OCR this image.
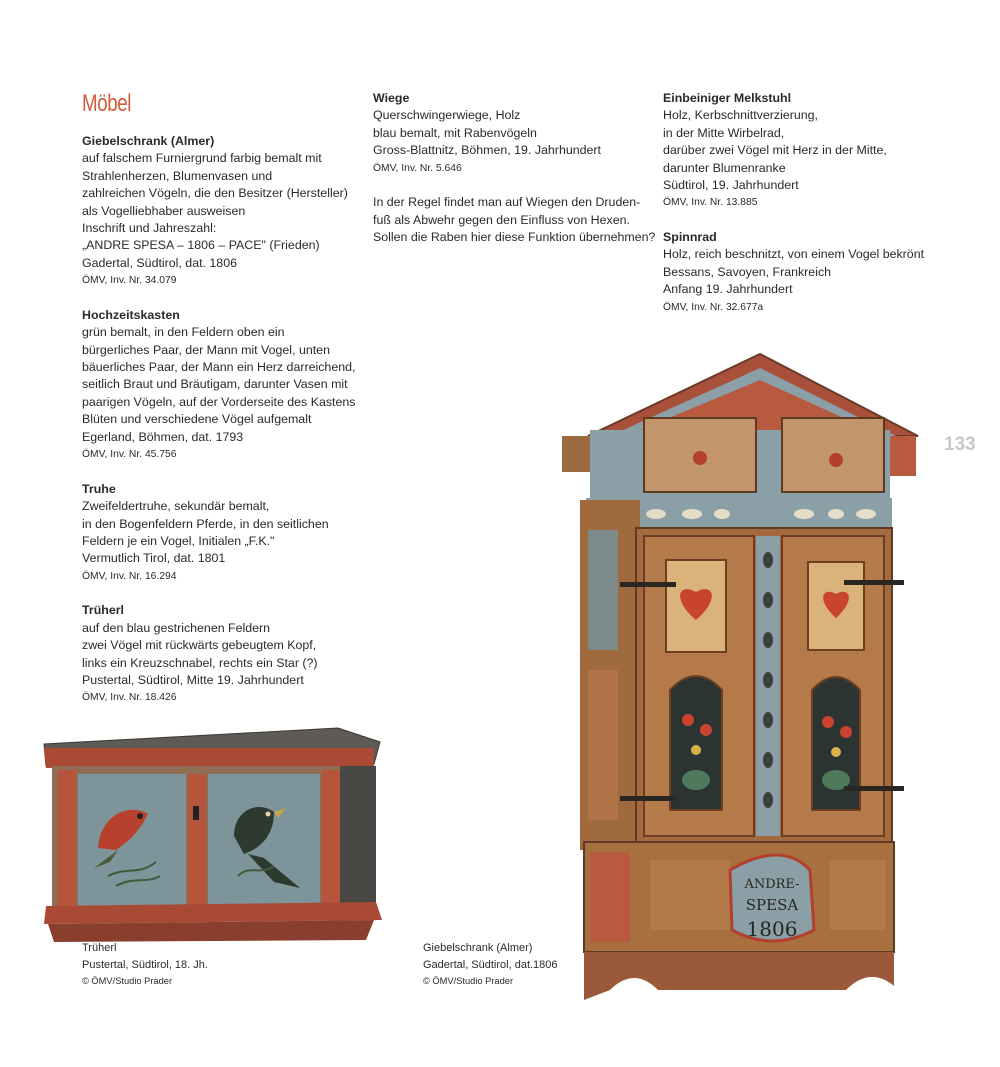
Möbel
Giebelschrank (Almer)
auf falschem Furniergrund farbig bemalt mit
Strahlenherzen, Blumenvasen und
zahlreichen Vögeln, die den Besitzer (Hersteller)
als Vogelliebhaber ausweisen
Inschrift und Jahreszahl:
„ANDRE SPESA – 1806 – PACE" (Frieden)
Gadertal, Südtirol, dat. 1806
ÖMV, Inv. Nr. 34.079
Hochzeitskasten
grün bemalt, in den Feldern oben ein
bürgerliches Paar, der Mann mit Vogel, unten
bäuerliches Paar, der Mann ein Herz darreichend,
seitlich Braut und Bräutigam, darunter Vasen mit
paarigen Vögeln, auf der Vorderseite des Kastens
Blüten und verschiedene Vögel aufgemalt
Egerland, Böhmen, dat. 1793
ÖMV, Inv. Nr. 45.756
Truhe
Zweifeldertruhe, sekundär bemalt,
in den Bogenfeldern Pferde, in den seitlichen
Feldern je ein Vogel, Initialen „F.K."
Vermutlich Tirol, dat. 1801
ÖMV, Inv. Nr. 16.294
Trüherl
auf den blau gestrichenen Feldern
zwei Vögel mit rückwärts gebeugtem Kopf,
links ein Kreuzschnabel, rechts ein Star (?)
Pustertal, Südtirol, Mitte 19. Jahrhundert
ÖMV, Inv. Nr. 18.426
Wiege
Querschwingerwiege, Holz
blau bemalt, mit Rabenvögeln
Gross-Blattnitz, Böhmen, 19. Jahrhundert
ÖMV, Inv. Nr. 5.646
In der Regel findet man auf Wiegen den Druden-
fuß als Abwehr gegen den Einfluss von Hexen.
Sollen die Raben hier diese Funktion übernehmen?
Einbeiniger Melkstuhl
Holz, Kerbschnittverzierung,
in der Mitte Wirbelrad,
darüber zwei Vögel mit Herz in der Mitte,
darunter Blumenranke
Südtirol, 19. Jahrhundert
ÖMV, Inv. Nr. 13.885
Spinnrad
Holz, reich beschnitzt, von einem Vogel bekrönt
Bessans, Savoyen, Frankreich
Anfang 19. Jahrhundert
ÖMV, Inv. Nr. 32.677a
133
ANDRE-
SPESA
1806
Trüherl
Pustertal, Südtirol, 18. Jh.
© ÖMV/Studio Prader
Giebelschrank (Almer)
Gadertal, Südtirol, dat.1806
© ÖMV/Studio Prader
